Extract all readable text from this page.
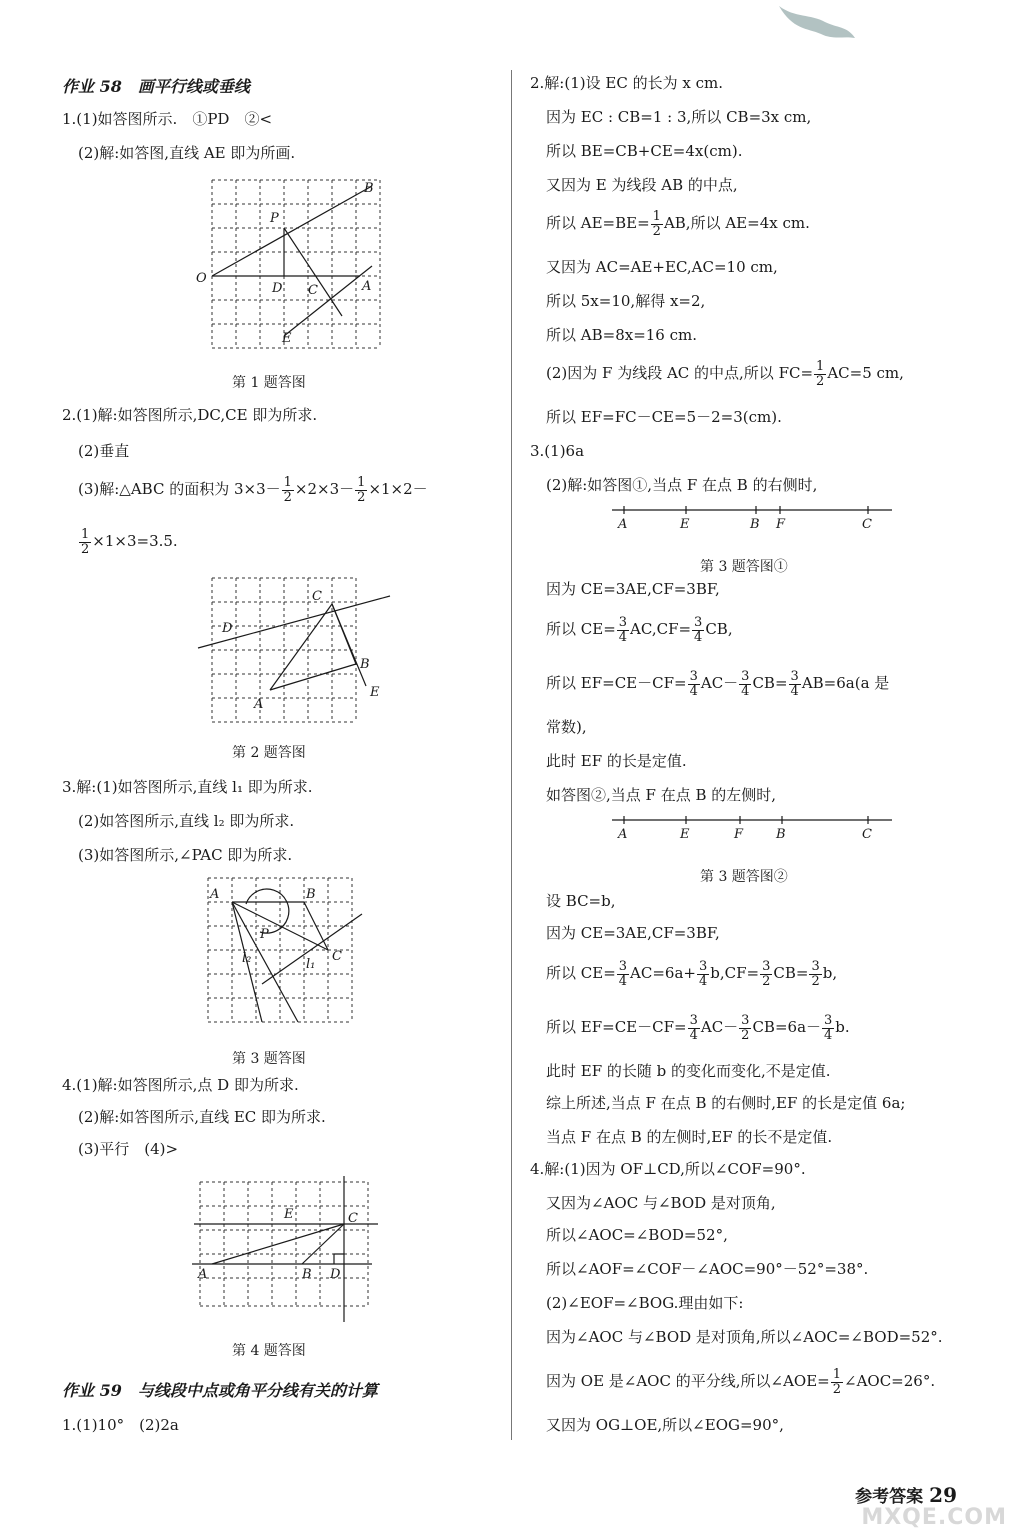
作业 58　画平行线或垂线
1.(1)如答图所示.　①PD　②<
(2)解:如答图,直线 AE 即为所画.
B
P
O
D C	A
E
第 1 题答图
2.(1)解:如答图所示,DC,CE 即为所求.
(2)垂直
(3)解:△ABC 的面积为 $3\times 3- \frac{1}{2} \times 2\times 3- \frac{1}{2} \times 1\times 2-$
$\frac{1}{2} \times 1\times 3=3.5$.
C
D
B
E
A
第 2 题答图
3.解:(1)如答图所示,直线 l₁ 即为所求.
(2)如答图所示,直线 l₂ 即为所求.
(3)如答图所示,∠PAC 即为所求.
A	B
P
l₂	l₁
C
第 3 题答图
4.(1)解:如答图所示,点 D 即为所求.
(2)解:如答图所示,直线 EC 即为所求.
(3)平行　(4)>
E	C
A	B D
第 4 题答图
作业 59　与线段中点或角平分线有关的计算
1.(1)10°　(2)2a
2.解:(1)设 EC 的长为 x cm.
因为 EC : CB=1 : 3,所以 CB=3x cm,
所以 BE=CB+CE=4x(cm).
又因为 E 为线段 AB 的中点,
所以 $AE=BE= \frac{1}{2}$ AB,所以 AE=4x cm.
又因为 AC=AE+EC,AC=10 cm,
所以 5x=10,解得 x=2,
所以 AB=8x=16 cm.
(2)因为 F 为线段 AC 的中点,所以 $FC= \frac{1}{2} AC=5$ cm,
所以 EF=FC－CE=5－2=3(cm).
3.(1)6a
(2)解:如答图①,当点 F 在点 B 的右侧时,
A	E	B F	C
第 3 题答图①
因为 CE=3AE,CF=3BF,
所以 $CE= \frac{3}{4} AC,CF= \frac{3}{4}$ CB,
所以 $EF=CE-CF= \frac{3}{4} AC- \frac{3}{4} CB= \frac{3}{4} AB=6a(a$ 是
常数),
此时 EF 的长是定值.
如答图②,当点 F 在点 B 的左侧时,
A	E	F	B	C
第 3 题答图②
设 BC=b,
因为 CE=3AE,CF=3BF,
所以 $CE= \frac{3}{4} AC=6a+ \frac{3}{4} b,CF= \frac{3}{2} CB= \frac{3}{2} b$,
所以 $EF=CE-CF= \frac{3}{4} AC- \frac{3}{2} CB=6a- \frac{3}{4} b$.
此时 EF 的长随 b 的变化而变化,不是定值.
综上所述,当点 F 在点 B 的右侧时,EF 的长是定值 6a;
当点 F 在点 B 的左侧时,EF 的长不是定值.
4.解:(1)因为 OF⊥CD,所以∠COF=90°.
又因为∠AOC 与∠BOD 是对顶角,
所以∠AOC=∠BOD=52°,
所以∠AOF=∠COF－∠AOC=90°－52°=38°.
(2)∠EOF=∠BOG.理由如下:
因为∠AOC 与∠BOD 是对顶角,所以∠AOC=∠BOD=52°.
因为 OE 是∠AOC 的平分线,所以∠AOE= $\frac{1}{2}$ ∠AOC=26°.
又因为 OG⊥OE,所以∠EOG=90°,
参考答案 29
MXQE.COM
